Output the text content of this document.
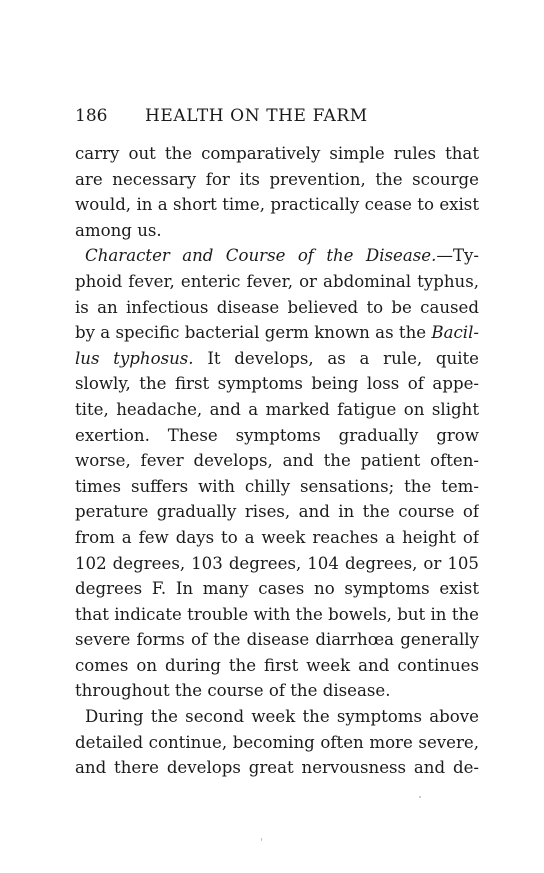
186 HEALTH ON THE FARM
carry out the comparatively simple rules that
are necessary for its prevention, the scourge
would, in a short time, practically cease to exist
among us.
Character and Course of the Disease.—Ty-
phoid fever, enteric fever, or abdominal typhus,
is an infectious disease believed to be caused
by a specific bacterial germ known as the Bacil-
lus typhosus. It develops, as a rule, quite
slowly, the first symptoms being loss of appe-
tite, headache, and a marked fatigue on slight
exertion. These symptoms gradually grow
worse, fever develops, and the patient often-
times suffers with chilly sensations; the tem-
perature gradually rises, and in the course of
from a few days to a week reaches a height of
102 degrees, 103 degrees, 104 degrees, or 105
degrees F. In many cases no symptoms exist
that indicate trouble with the bowels, but in the
severe forms of the disease diarrhœa generally
comes on during the first week and continues
throughout the course of the disease.
During the second week the symptoms above
detailed continue, becoming often more severe,
and there develops great nervousness and de-
